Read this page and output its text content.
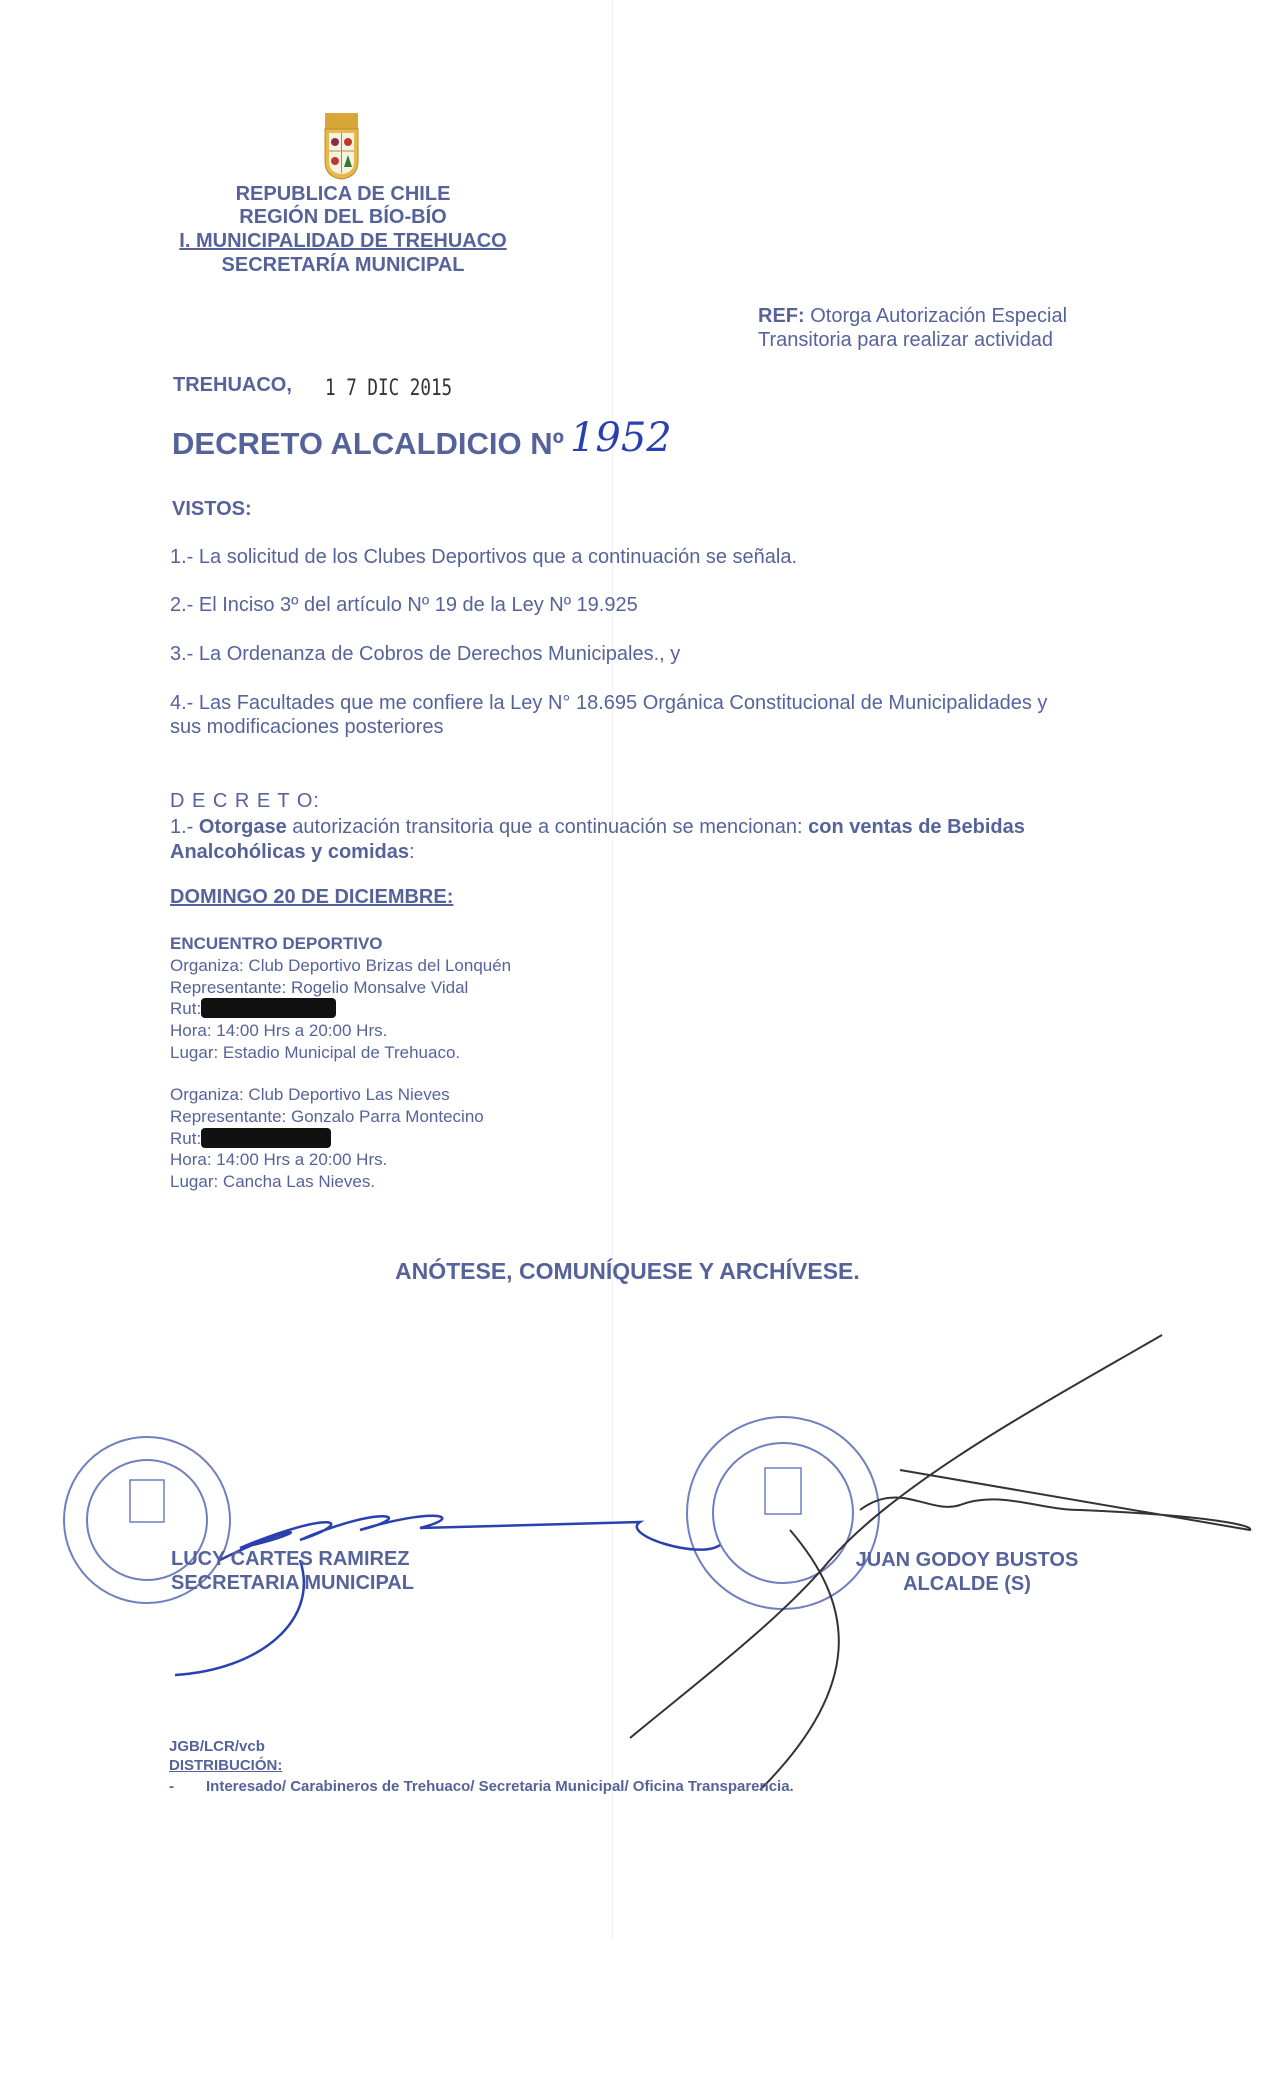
REPUBLICA DE CHILE
REGIÓN DEL BÍO-BÍO
I. MUNICIPALIDAD DE TREHUACO
SECRETARÍA MUNICIPAL
REF: Otorga Autorización Especial
Transitoria para realizar actividad
TREHUACO, 1 7 DIC 2015
DECRETO ALCALDICIO Nº 1952
VISTOS:
1.- La solicitud de los Clubes Deportivos que a continuación se señala.
2.- El Inciso 3º del artículo Nº 19 de la Ley Nº 19.925
3.- La Ordenanza de Cobros de Derechos Municipales., y
4.- Las Facultades que me confiere la Ley N° 18.695 Orgánica Constitucional de Municipalidades y
sus modificaciones posteriores
D E C R E T O:
1.- Otorgase autorización transitoria que a continuación se mencionan: con ventas de Bebidas
Analcohólicas y comidas:
DOMINGO 20 DE DICIEMBRE:
ENCUENTRO DEPORTIVO
Organiza: Club Deportivo Brizas del Lonquén
Representante: Rogelio Monsalve Vidal
Rut:
Hora: 14:00 Hrs a 20:00 Hrs.
Lugar: Estadio Municipal de Trehuaco.
Organiza: Club Deportivo Las Nieves
Representante: Gonzalo Parra Montecino
Rut:
Hora: 14:00 Hrs a 20:00 Hrs.
Lugar: Cancha Las Nieves.
ANÓTESE, COMUNÍQUESE Y ARCHÍVESE.
LUCY CARTES RAMIREZ
SECRETARIA MUNICIPAL
JUAN GODOY BUSTOS
ALCALDE (S)
JGB/LCR/vcb
DISTRIBUCIÓN:
- Interesado/ Carabineros de Trehuaco/ Secretaria Municipal/ Oficina Transparencia.
